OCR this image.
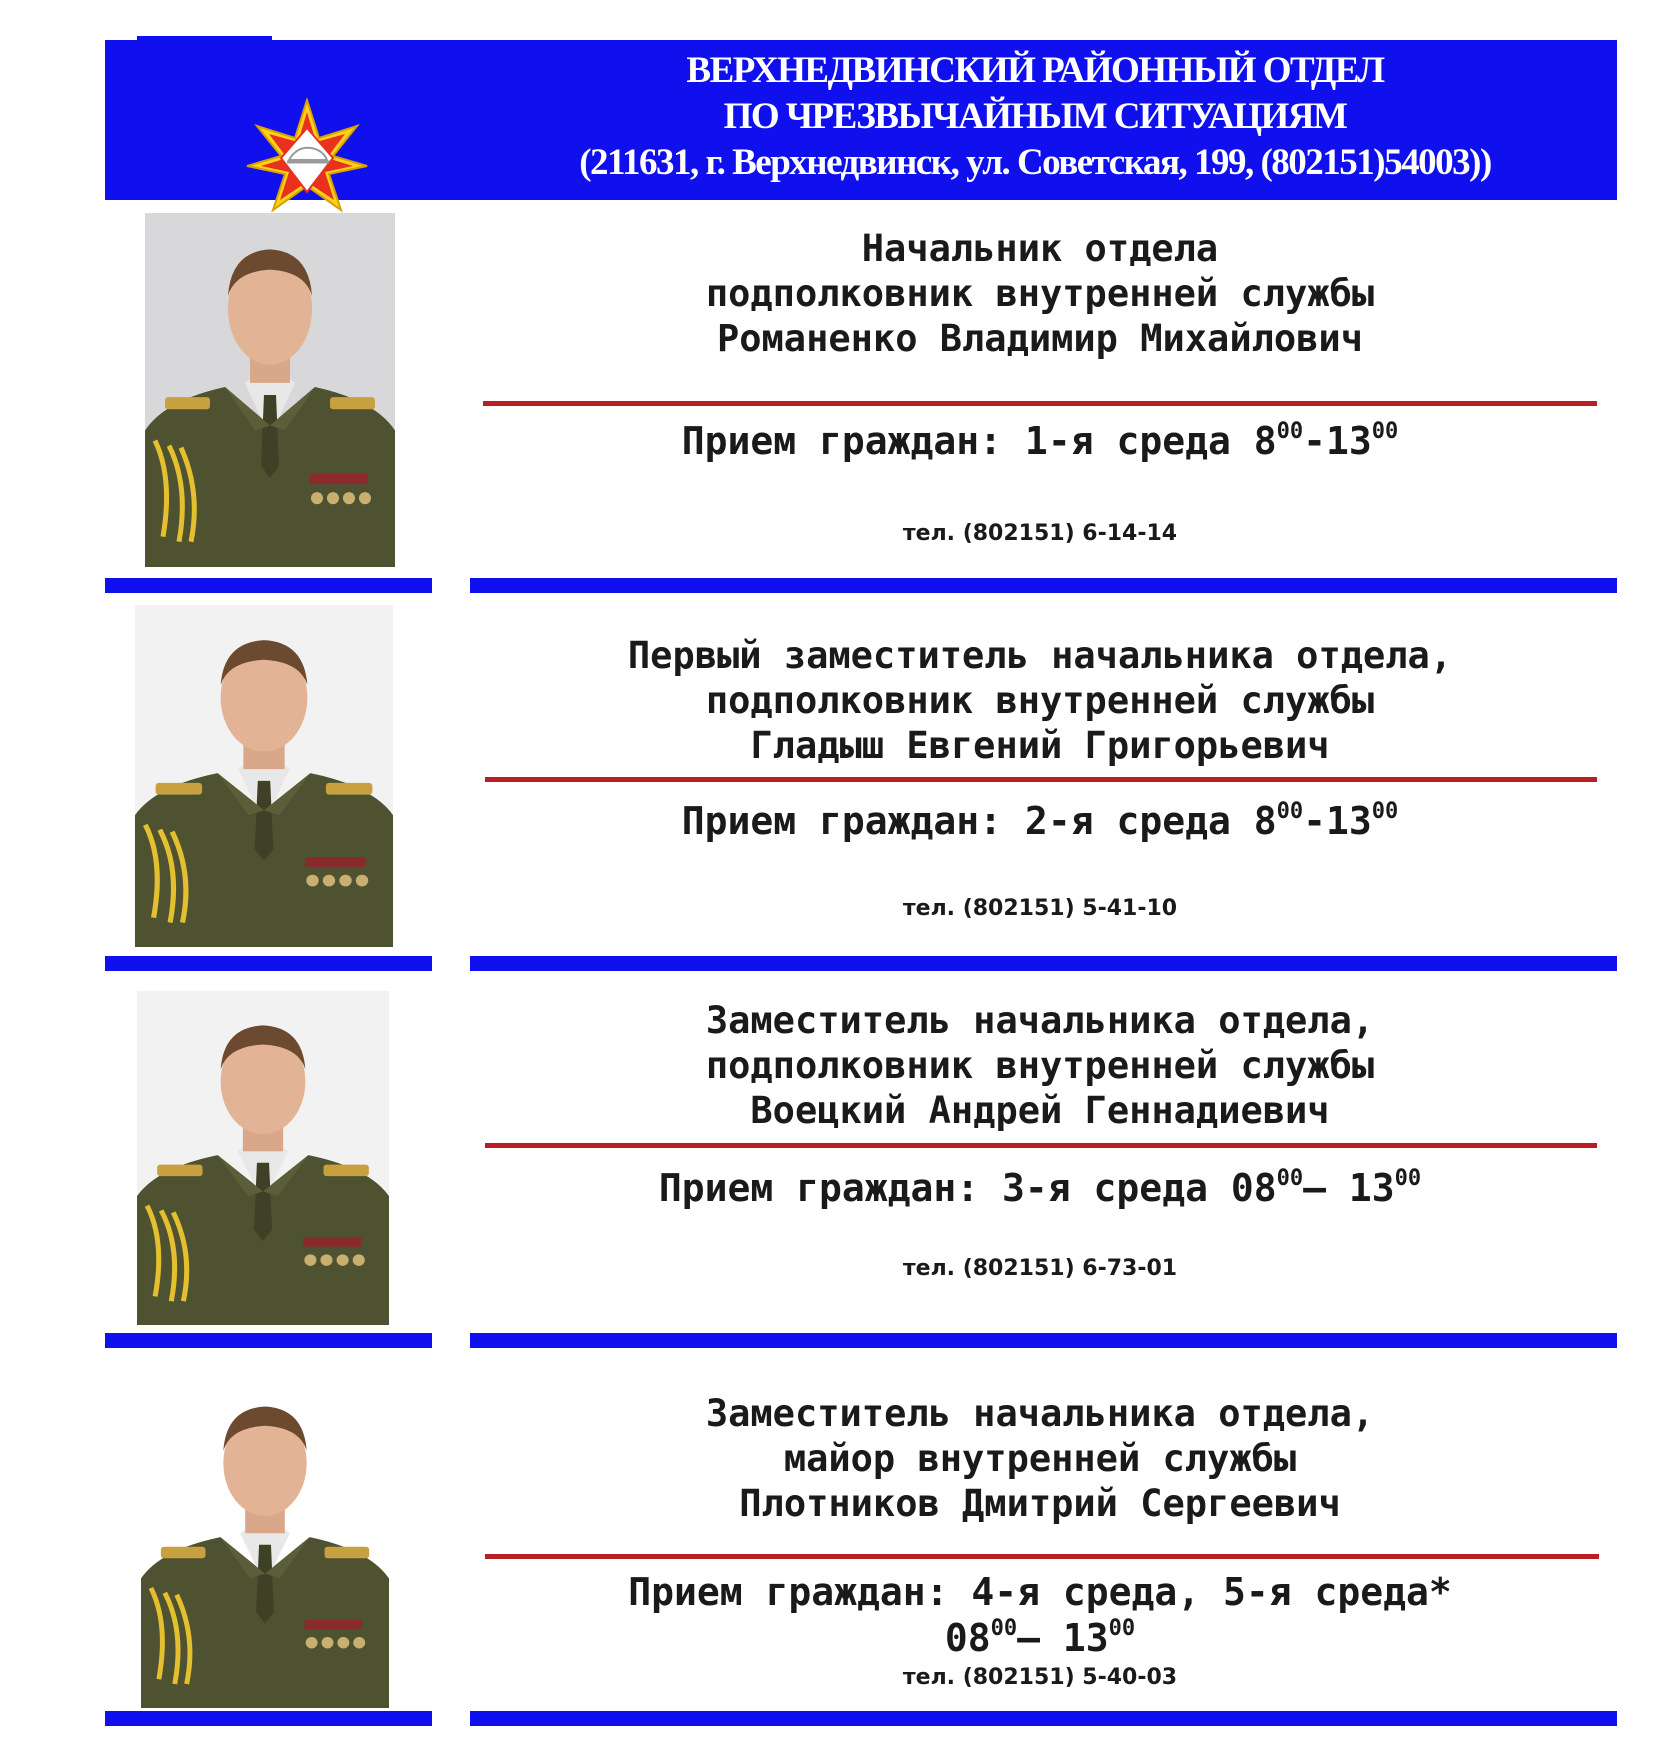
ВЕРХНЕДВИНСКИЙ РАЙОННЫЙ ОТДЕЛ
ПО ЧРЕЗВЫЧАЙНЫМ СИТУАЦИЯМ
(211631, г. Верхнедвинск, ул. Советская, 199, (802151)54003))
Начальник отдела
подполковник внутренней службы
Романенко Владимир Михайлович
Прием граждан: 1-я среда $8^{00}-13^{00}$
тел. (802151) 6-14-14
Первый заместитель начальника отдела,
подполковник внутренней службы
Гладыш Евгений Григорьевич
Прием граждан: 2-я среда $8^{00}-13^{00}$
тел. (802151) 5-41-10
Заместитель начальника отдела,
подполковник внутренней службы
Воецкий Андрей Геннадиевич
Прием граждан: 3-я среда $08^{00}—$ $13^{00}$
тел. (802151) 6-73-01
Заместитель начальника отдела,
майор внутренней службы
Плотников Дмитрий Сергеевич
Прием граждан: 4-я среда, 5-я среда*
$08^{00}—$ $13^{00}$
тел. (802151) 5-40-03
